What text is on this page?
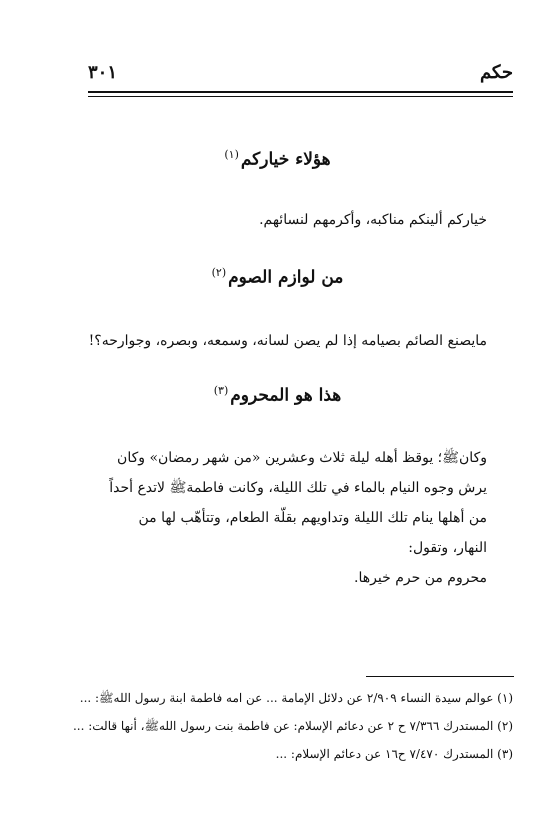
حكم
٣٠١
هؤلاء خياركم$^{(١)}$
خياركم ألينكم مناكبه، وأكرمهم لنسائهم.
من لوازم الصوم$^{(٢)}$
مايصنع الصائم بصيامه إذا لم يصن لسانه، وسمعه، وبصره، وجوارحه؟!
هذا هو المحروم$^{(٣)}$
وكانﷺ؛ يوقظ أهله ليلة ثلاث وعشرين «من شهر رمضان» وكان
يرش وجوه النيام بالماء في تلك الليلة، وكانت فاطمةﷺ لاتدع أحداً
من أهلها ينام تلك الليلة وتداويهم بقلّة الطعام، وتتأهّب لها من
النهار، وتقول:
محروم من حرم خيرها.
(١) عوالم سيدة النساء ٢/٩٠٩ عن دلائل الإمامة ... عن امه فاطمة ابنة رسول اللهﷺ: ...
(٢) المستدرك ٧/٣٦٦ ح ٢ عن دعائم الإسلام: عن فاطمة بنت رسول اللهﷺ، أنها قالت: ...
(٣) المستدرك ٧/٤٧٠ ح١٦ عن دعائم الإسلام: ...
